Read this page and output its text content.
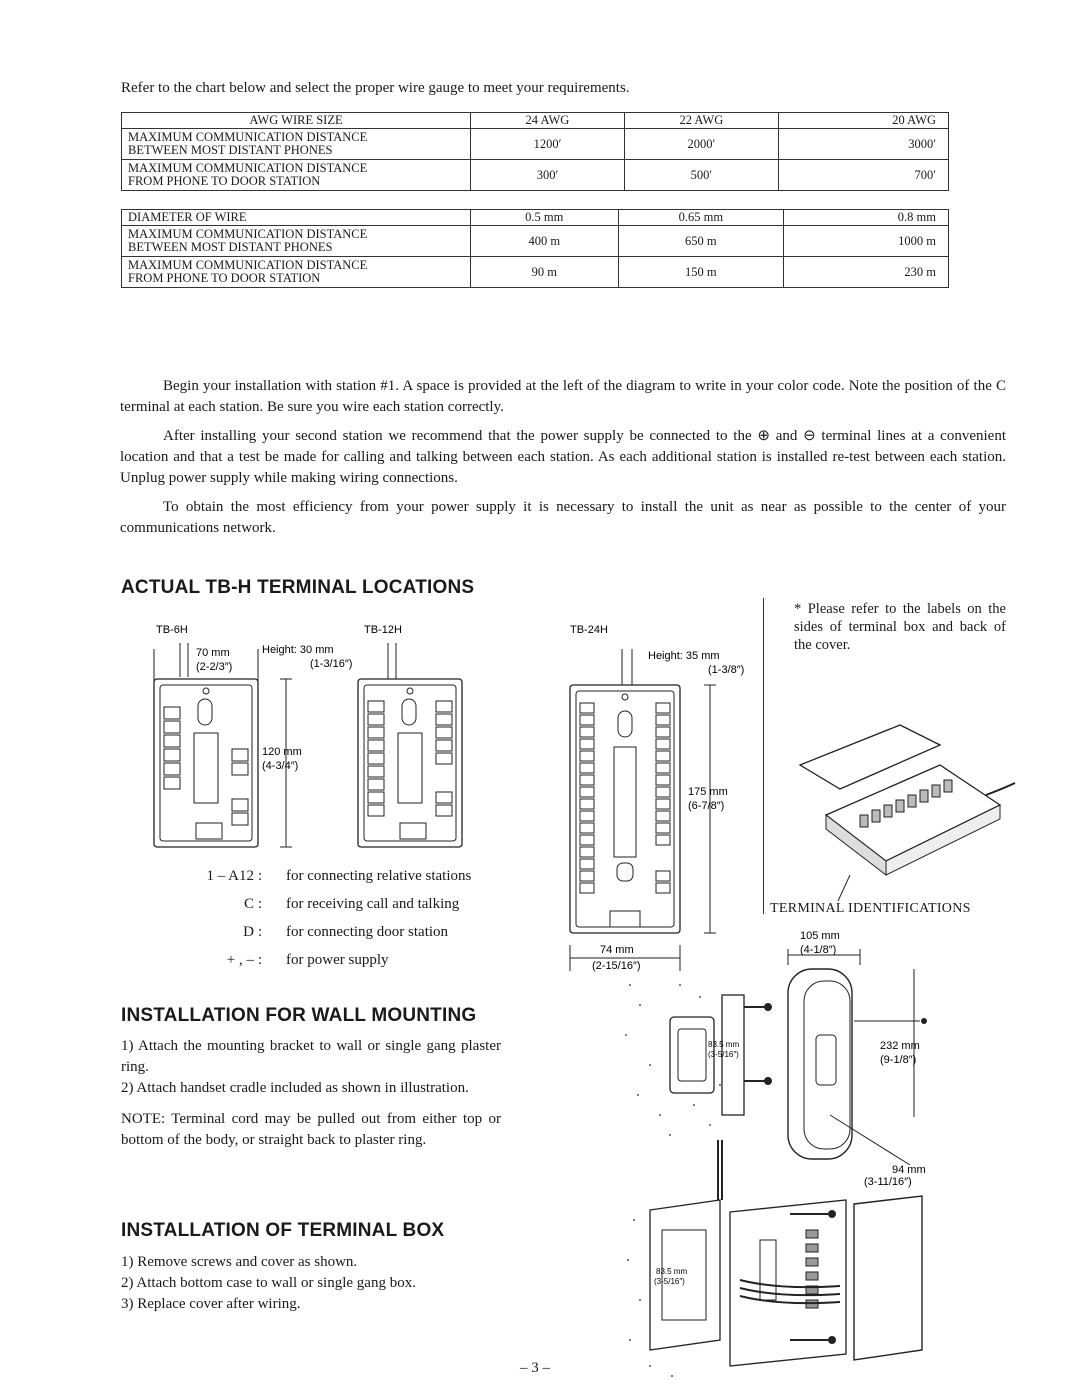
Refer to the chart below and select the proper wire gauge to meet your requirements.

AWG WIRE SIZE	24 AWG	22 AWG	20 AWG
MAXIMUM COMMUNICATION DISTANCE
BETWEEN MOST DISTANT PHONES	1200′	2000′	3000′
MAXIMUM COMMUNICATION DISTANCE
FROM PHONE TO DOOR STATION	300′	500′	700′
DIAMETER OF WIRE	0.5 mm	0.65 mm	0.8 mm
MAXIMUM COMMUNICATION DISTANCE
BETWEEN MOST DISTANT PHONES	400 m	650 m	1000 m
MAXIMUM COMMUNICATION DISTANCE
FROM PHONE TO DOOR STATION	90 m	150 m	230 m

Begin your installation with station #1. A space is provided at the left of the diagram to write in your color code. Note the position of the C terminal at each station. Be sure you wire each station correctly.

After installing your second station we recommend that the power supply be connected to the ⊕ and ⊖ terminal lines at a convenient location and that a test be made for calling and talking between each station. As each additional station is installed re-test between each station. Unplug power supply while making wiring connections.

To obtain the most efficiency from your power supply it is necessary to install the unit as near as possible to the center of your communications network.

ACTUAL TB-H TERMINAL LOCATIONS

* Please refer to the labels on the sides of terminal box and back of the cover.

TB-6H	TB-12H
70 mm
(2-2/3″)
Height: 30 mm
(1-3/16″)
120 mm
(4-3/4″)
TB-24H
Height: 35 mm
(1-3/8″)
175 mm
(6-7/8″)
74 mm
(2-15/16″)
TERMINAL IDENTIFICATIONS
1 – A12 : for connecting relative stations
C : for receiving call and talking
D : for connecting door station
+ , – : for power supply
INSTALLATION FOR WALL MOUNTING

1) Attach the mounting bracket to wall or single gang plaster ring.

2) Attach handset cradle included as shown in illustration.

NOTE: Terminal cord may be pulled out from either top or bottom of the body, or straight back to plaster ring.

INSTALLATION OF TERMINAL BOX

1) Remove screws and cover as shown.

2) Attach bottom case to wall or single gang box.

3) Replace cover after wiring.

83.5 mm
(3-5/16″)
105 mm
(4-1/8″)
232 mm
(9-1/8″)
94 mm
(3-11/16″)
83.5 mm
(3-5/16″)
– 3 –
